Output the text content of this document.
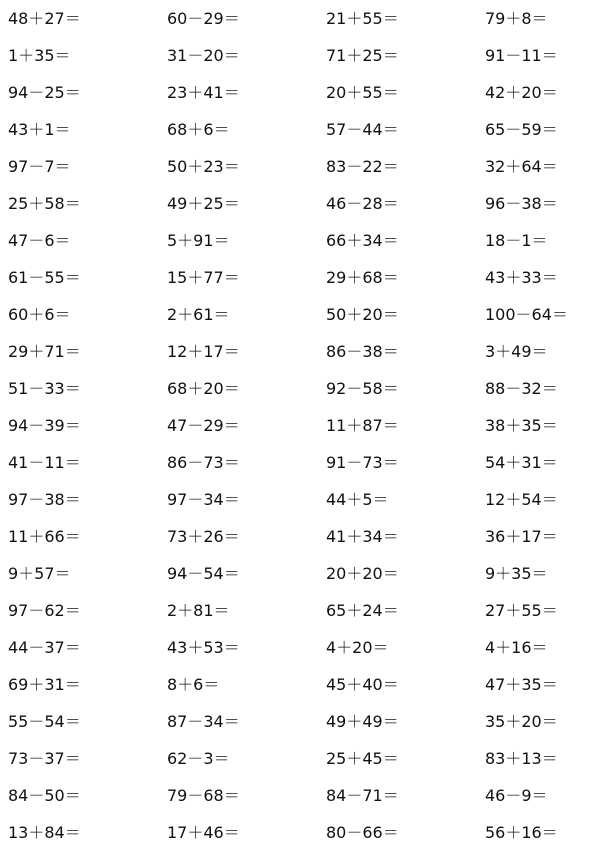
48＋27＝	60－29＝	21＋55＝	79＋8＝
1＋35＝	31－20＝	71＋25＝	91－11＝
94－25＝	23＋41＝	20＋55＝	42＋20＝
43＋1＝	68＋6＝	57－44＝	65－59＝
97－7＝	50＋23＝	83－22＝	32＋64＝
25＋58＝	49＋25＝	46－28＝	96－38＝
47－6＝	5＋91＝	66＋34＝	18－1＝
61－55＝	15＋77＝	29＋68＝	43＋33＝
60＋6＝	2＋61＝	50＋20＝	100－64＝
29＋71＝	12＋17＝	86－38＝	3＋49＝
51－33＝	68＋20＝	92－58＝	88－32＝
94－39＝	47－29＝	11＋87＝	38＋35＝
41－11＝	86－73＝	91－73＝	54＋31＝
97－38＝	97－34＝	44＋5＝	12＋54＝
11＋66＝	73＋26＝	41＋34＝	36＋17＝
9＋57＝	94－54＝	20＋20＝	9＋35＝
97－62＝	2＋81＝	65＋24＝	27＋55＝
44－37＝	43＋53＝	4＋20＝	4＋16＝
69＋31＝	8＋6＝	45＋40＝	47＋35＝
55－54＝	87－34＝	49＋49＝	35＋20＝
73－37＝	62－3＝	25＋45＝	83＋13＝
84－50＝	79－68＝	84－71＝	46－9＝
13＋84＝	17＋46＝	80－66＝	56＋16＝
